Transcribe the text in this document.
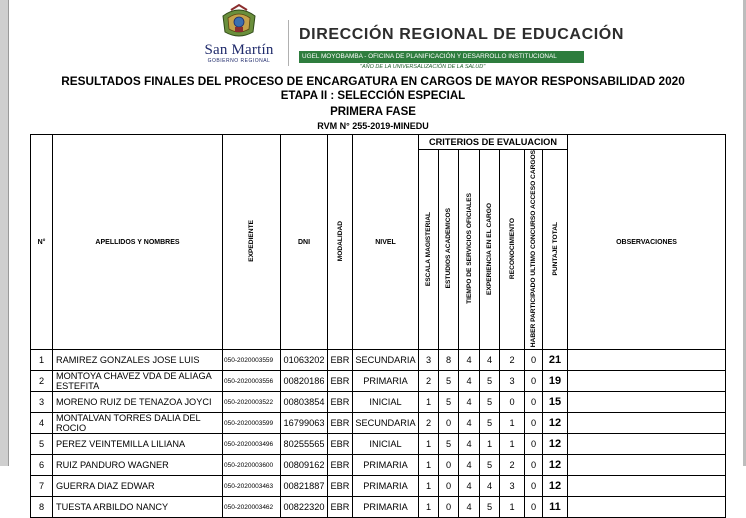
San Martín
GOBIERNO REGIONAL
DIRECCIÓN REGIONAL DE EDUCACIÓN
UGEL MOYOBAMBA - OFICINA DE PLANIFICACIÓN Y DESARROLLO INSTITUCIONAL
"AÑO DE LA UNIVERSALIZACIÓN DE LA SALUD"
RESULTADOS FINALES DEL PROCESO DE ENCARGATURA EN CARGOS DE MAYOR RESPONSABILIDAD 2020
ETAPA II : SELECCIÓN ESPECIAL
PRIMERA FASE
RVM N° 255-2019-MINEDU
N°	APELLIDOS Y NOMBRES	EXPEDIENTE	DNI	MODALIDAD	NIVEL	CRITERIOS DE EVALUACION							OBSERVACIONES
						ESCALA MAGISTERIAL	ESTUDIOS ACADEMICOS	TIEMPO DE SERVICIOS OFICIALES	EXPERIENCIA EN EL CARGO	RECONOCIMIENTO	HABER PARTICIPADO ULTIMO CONCURSO ACCESO CARGOS	PUNTAJE TOTAL	
1	RAMIREZ GONZALES JOSE LUIS	050-2020003559	01063202	EBR	SECUNDARIA	3	8	4	4	2	0	21	
2	MONTOYA CHAVEZ VDA DE ALIAGA ESTEFITA	050-2020003556	00820186	EBR	PRIMARIA	2	5	4	5	3	0	19	
3	MORENO RUIZ DE TENAZOA JOYCI	050-2020003522	00803854	EBR	INICIAL	1	5	4	5	0	0	15	
4	MONTALVAN TORRES DALIA DEL ROCIO	050-2020003599	16799063	EBR	SECUNDARIA	2	0	4	5	1	0	12	
5	PEREZ VEINTEMILLA LILIANA	050-2020003496	80255565	EBR	INICIAL	1	5	4	1	1	0	12	
6	RUIZ PANDURO WAGNER	050-2020003600	00809162	EBR	PRIMARIA	1	0	4	5	2	0	12	
7	GUERRA DIAZ EDWAR	050-2020003463	00821887	EBR	PRIMARIA	1	0	4	4	3	0	12	
8	TUESTA ARBILDO NANCY	050-2020003462	00822320	EBR	PRIMARIA	1	0	4	5	1	0	11	
